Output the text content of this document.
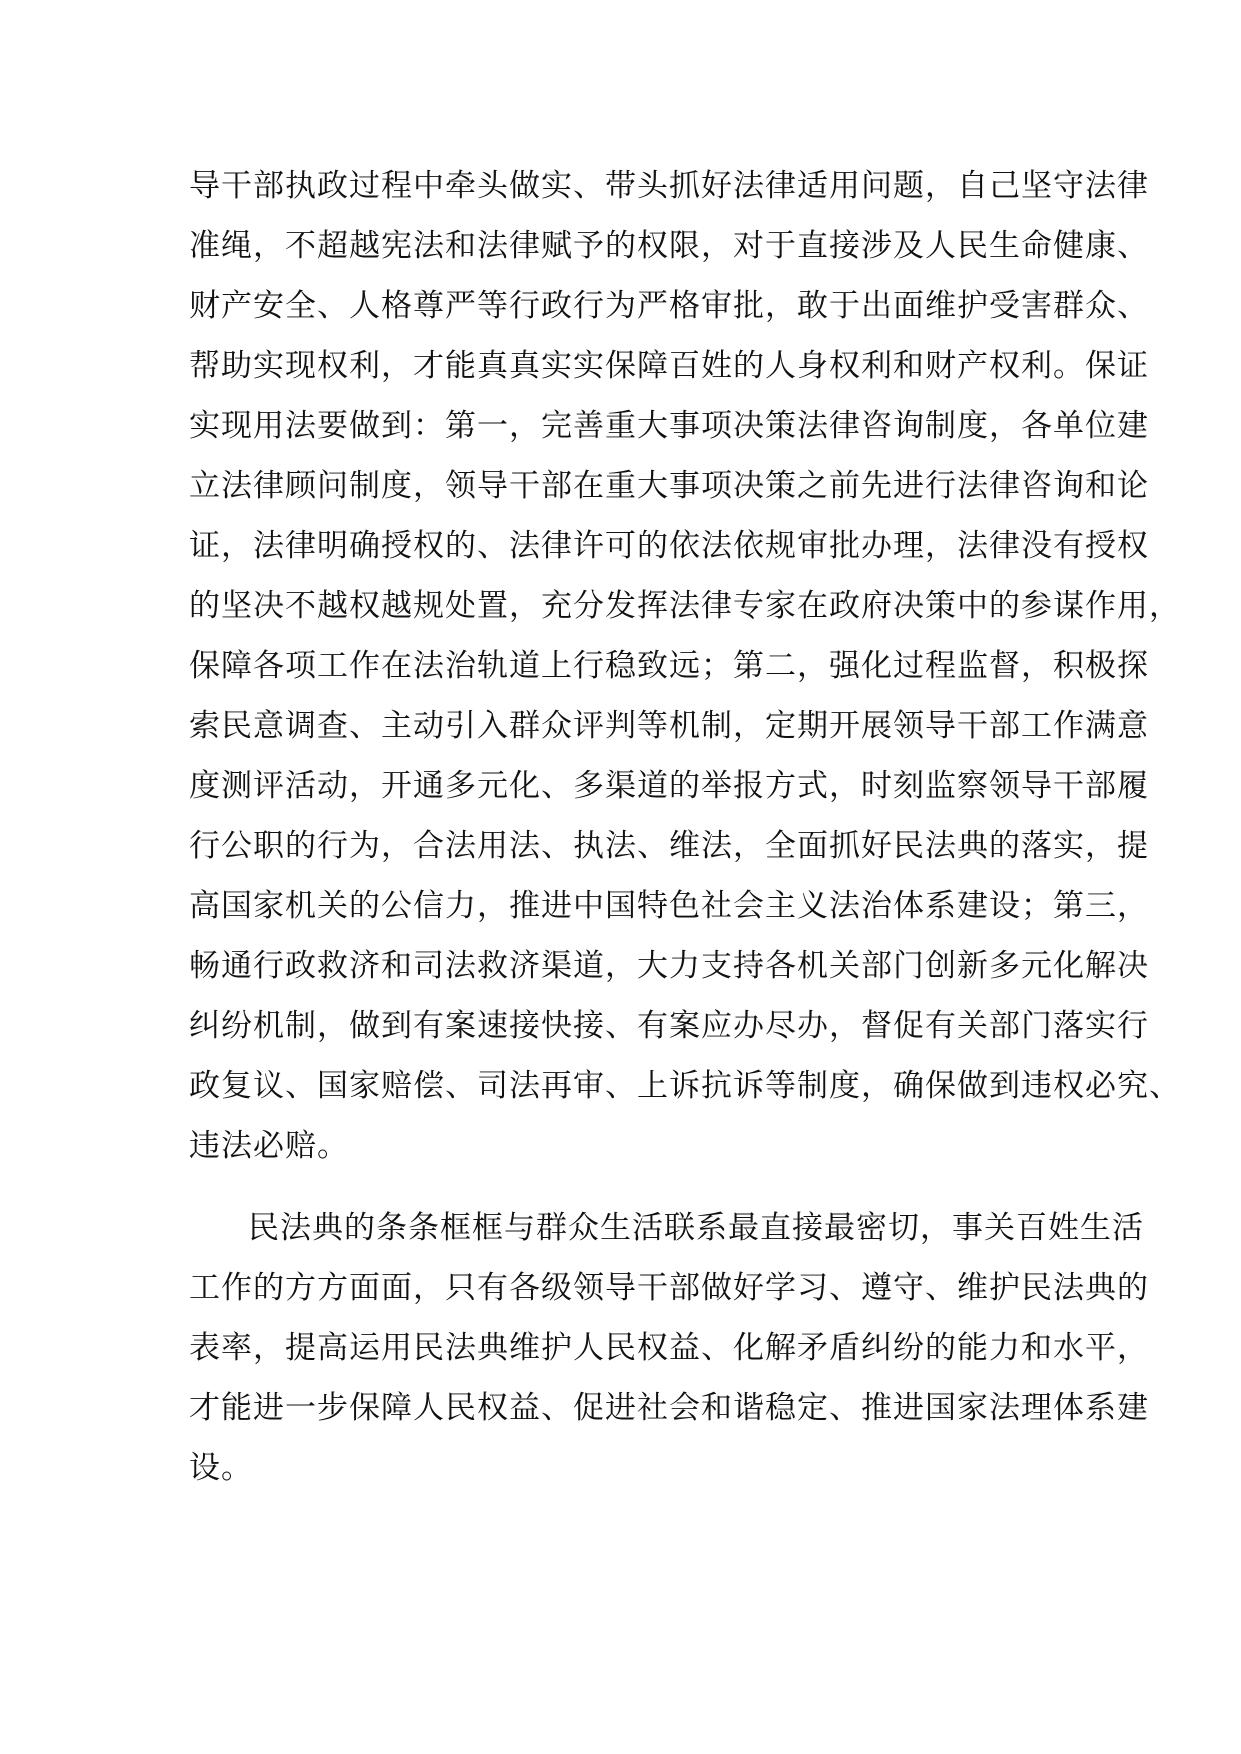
导干部执政过程中牵头做实、带头抓好法律适用问题，自己坚守法律
准绳，不超越宪法和法律赋予的权限，对于直接涉及人民生命健康、
财产安全、人格尊严等行政行为严格审批，敢于出面维护受害群众、
帮助实现权利，才能真真实实保障百姓的人身权利和财产权利。保证
实现用法要做到：第一，完善重大事项决策法律咨询制度，各单位建
立法律顾问制度，领导干部在重大事项决策之前先进行法律咨询和论
证，法律明确授权的、法律许可的依法依规审批办理，法律没有授权
的坚决不越权越规处置，充分发挥法律专家在政府决策中的参谋作用，
保障各项工作在法治轨道上行稳致远；第二，强化过程监督，积极探
索民意调查、主动引入群众评判等机制，定期开展领导干部工作满意
度测评活动，开通多元化、多渠道的举报方式，时刻监察领导干部履
行公职的行为，合法用法、执法、维法，全面抓好民法典的落实，提
高国家机关的公信力，推进中国特色社会主义法治体系建设；第三，
畅通行政救济和司法救济渠道，大力支持各机关部门创新多元化解决
纠纷机制，做到有案速接快接、有案应办尽办，督促有关部门落实行
政复议、国家赔偿、司法再审、上诉抗诉等制度，确保做到违权必究、
违法必赔。
民法典的条条框框与群众生活联系最直接最密切，事关百姓生活
工作的方方面面，只有各级领导干部做好学习、遵守、维护民法典的
表率，提高运用民法典维护人民权益、化解矛盾纠纷的能力和水平，
才能进一步保障人民权益、促进社会和谐稳定、推进国家法理体系建
设。
